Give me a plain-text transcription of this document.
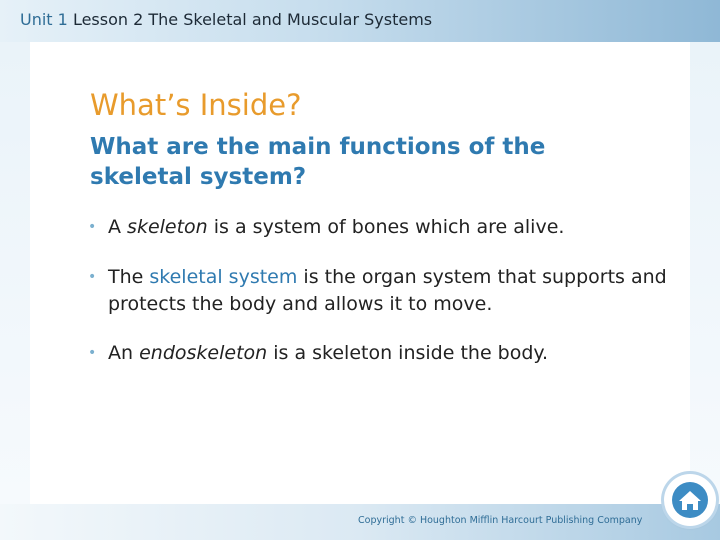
Unit 1 Lesson 2 The Skeletal and Muscular Systems
What’s Inside?
What are the main functions of the skeletal system?
• A skeleton is a system of bones which are alive.
• The skeletal system is the organ system that supports and protects the body and allows it to move.
• An endoskeleton is a skeleton inside the body.
Copyright © Houghton Mifflin Harcourt Publishing Company
